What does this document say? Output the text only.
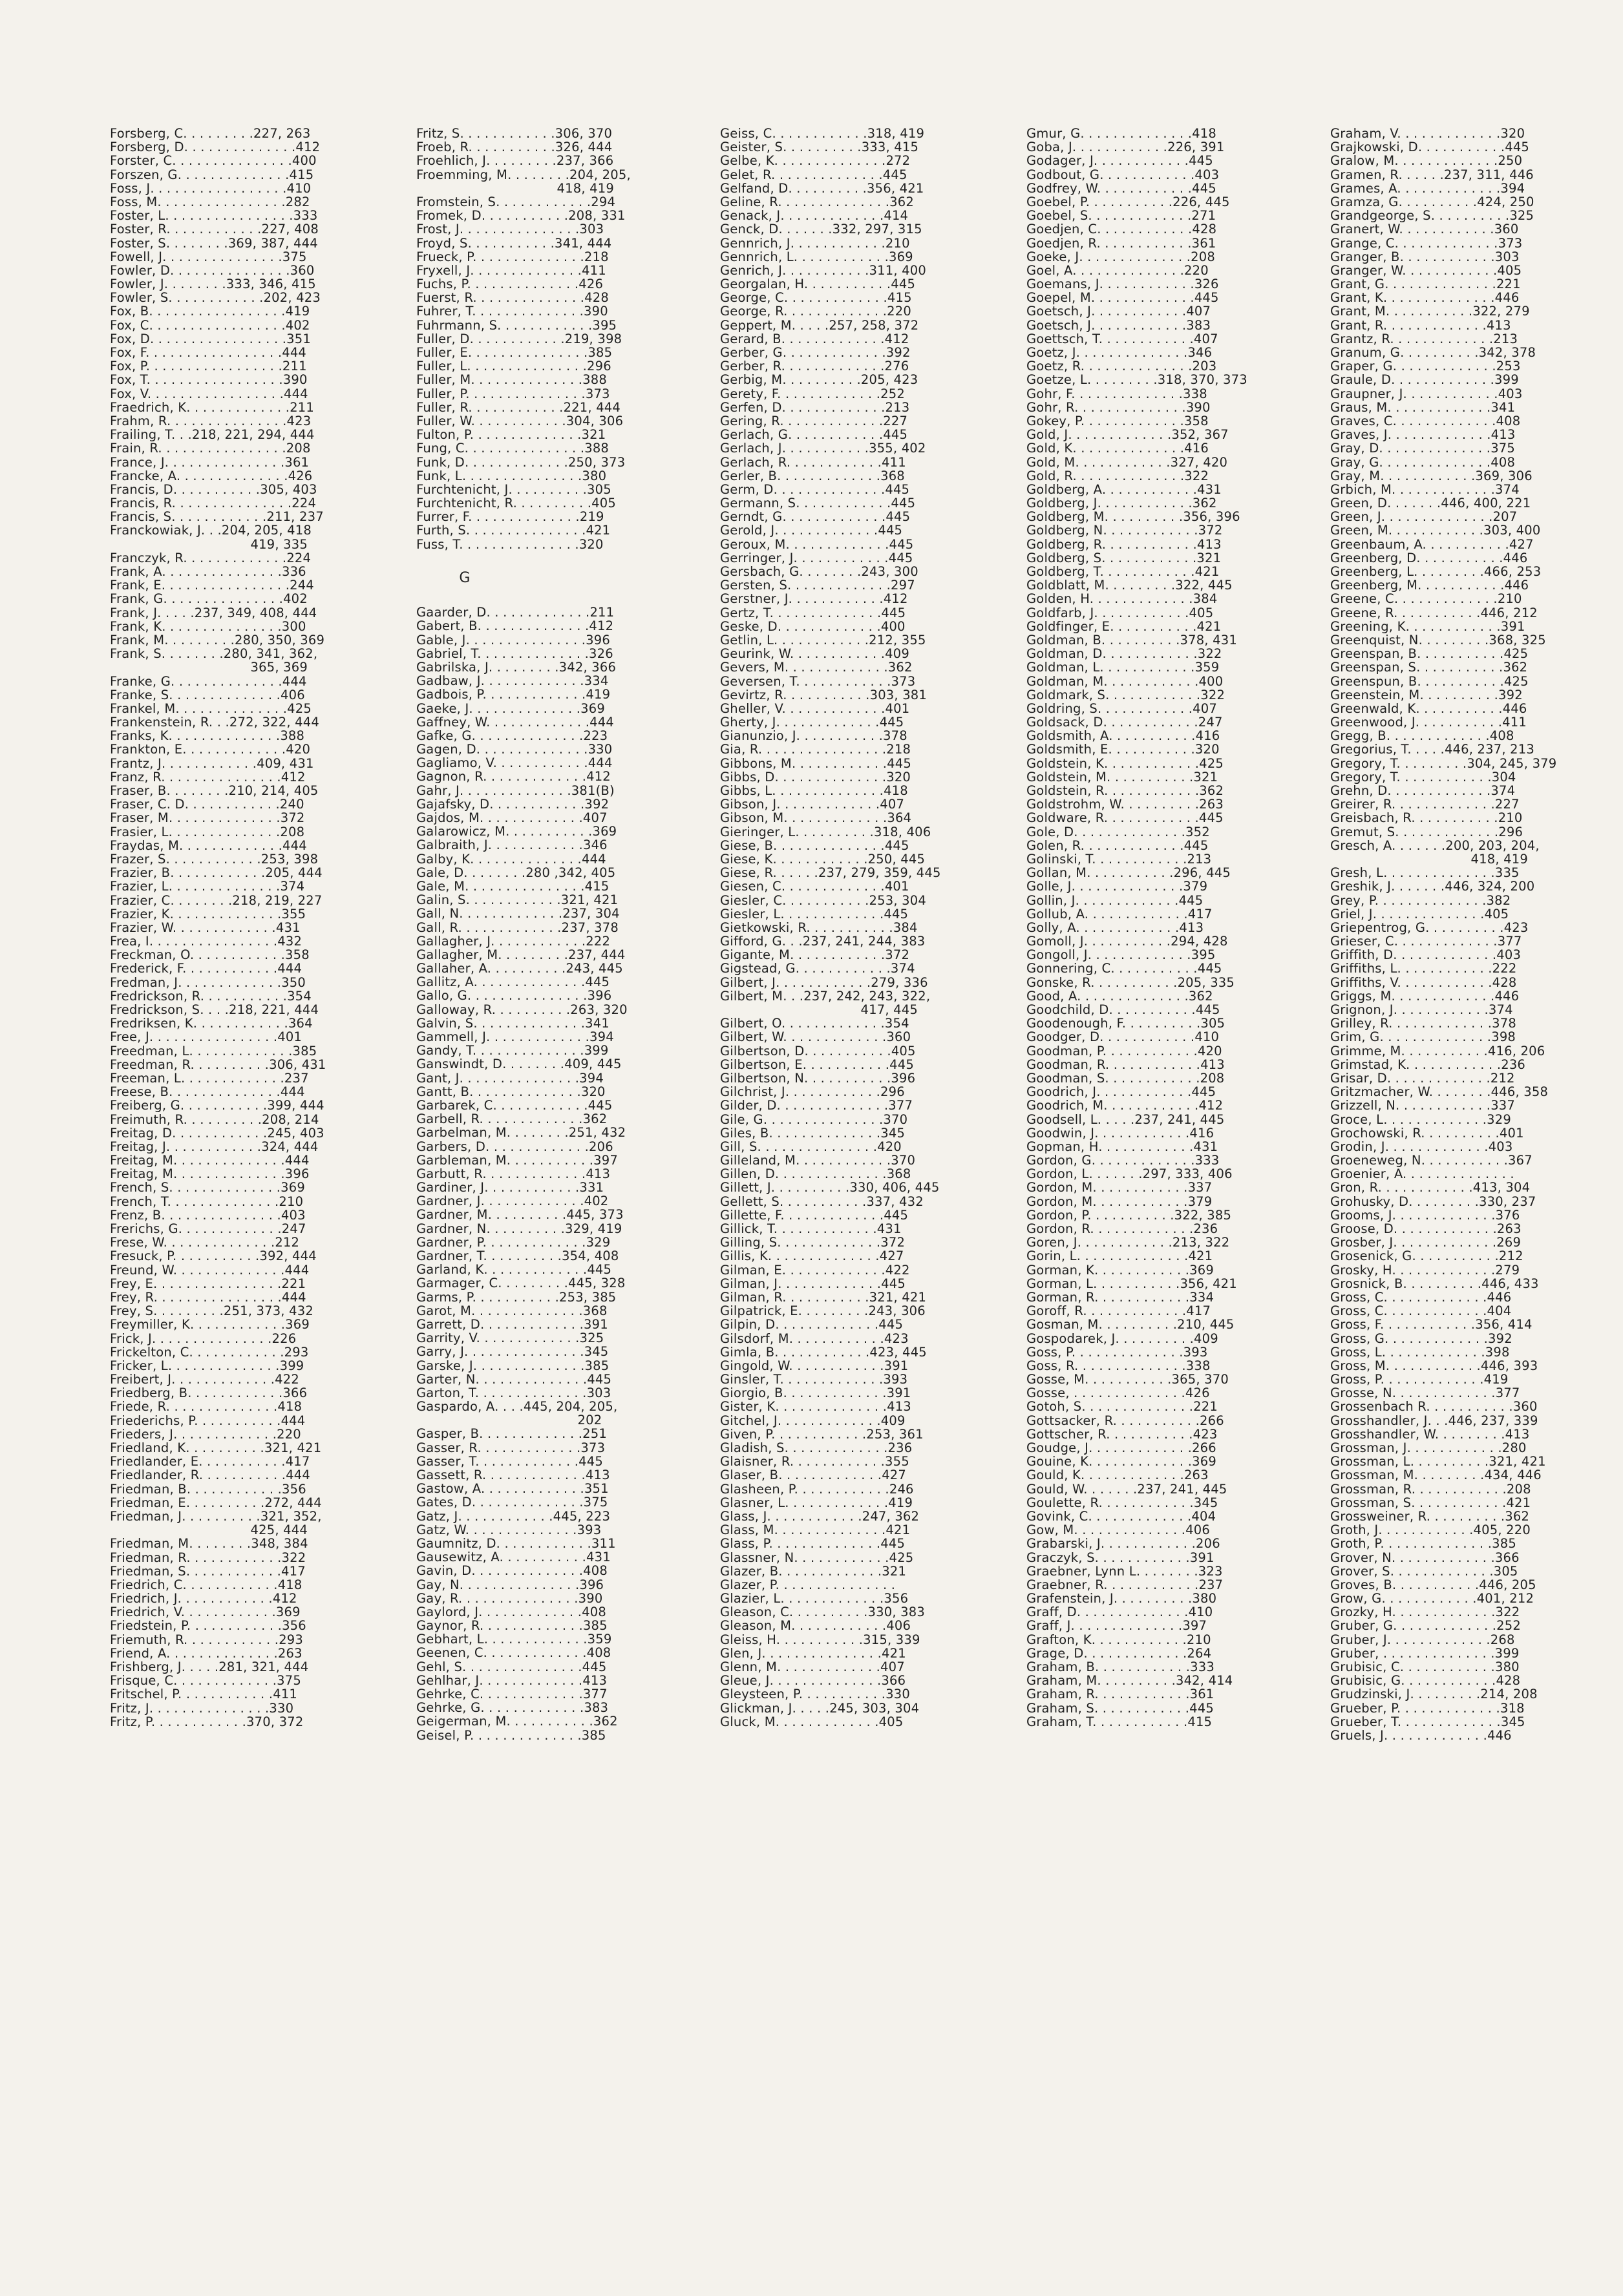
Forsberg, C. . . . . . . . .227, 263
Forsberg, D. . . . . . . . . . . . . .412
Forster, C. . . . . . . . . . . . . . .400
Forszen, G. . . . . . . . . . . . . .415
Foss, J. . . . . . . . . . . . . . . . .410
Foss, M. . . . . . . . . . . . . . . .282
Foster, L. . . . . . . . . . . . . . . .333
Foster, R. . . . . . . . . . . .227, 408
Foster, S. . . . . . . .369, 387, 444
Fowell, J. . . . . . . . . . . . . . .375
Fowler, D. . . . . . . . . . . . . . .360
Fowler, J. . . . . . . .333, 346, 415
Fowler, S. . . . . . . . . . . .202, 423
Fox, B. . . . . . . . . . . . . . . . .419
Fox, C. . . . . . . . . . . . . . . . .402
Fox, D. . . . . . . . . . . . . . . . .351
Fox, F. . . . . . . . . . . . . . . . .444
Fox, P. . . . . . . . . . . . . . . . .211
Fox, T. . . . . . . . . . . . . . . . .390
Fox, V. . . . . . . . . . . . . . . . .444
Fraedrich, K. . . . . . . . . . . . .211
Frahm, R. . . . . . . . . . . . . . .423
Frailing, T. . .218, 221, 294, 444
Frain, R. . . . . . . . . . . . . . . .208
France, J. . . . . . . . . . . . . . .361
Francke, A. . . . . . . . . . . . . .426
Francis, D. . . . . . . . . . .305, 403
Francis, R. . . . . . . . . . . . . . .224
Francis, S. . . . . . . . . . . .211, 237
Franckowiak, J. . .204, 205, 418
419, 335
Franczyk, R. . . . . . . . . . . . .224
Frank, A. . . . . . . . . . . . . . .336
Frank, E. . . . . . . . . . . . . . . .244
Frank, G. . . . . . . . . . . . . . .402
Frank, J. . . . .237, 349, 408, 444
Frank, K. . . . . . . . . . . . . . .300
Frank, M. . . . . . . . .280, 350, 369
Frank, S. . . . . . . .280, 341, 362,
365, 369
Franke, G. . . . . . . . . . . . . .444
Franke, S. . . . . . . . . . . . . .406
Frankel, M. . . . . . . . . . . . . .425
Frankenstein, R. . .272, 322, 444
Franks, K. . . . . . . . . . . . . .388
Frankton, E. . . . . . . . . . . . .420
Frantz, J. . . . . . . . . . . .409, 431
Franz, R. . . . . . . . . . . . . . .412
Fraser, B. . . . . . . .210, 214, 405
Fraser, C. D. . . . . . . . . . . .240
Fraser, M. . . . . . . . . . . . . .372
Frasier, L. . . . . . . . . . . . . .208
Fraydas, M. . . . . . . . . . . . .444
Frazer, S. . . . . . . . . . . .253, 398
Frazier, B. . . . . . . . . . . .205, 444
Frazier, L. . . . . . . . . . . . . .374
Frazier, C. . . . . . . .218, 219, 227
Frazier, K. . . . . . . . . . . . . .355
Frazier, W. . . . . . . . . . . . .431
Frea, I. . . . . . . . . . . . . . . .432
Freckman, O. . . . . . . . . . . .358
Frederick, F. . . . . . . . . . . .444
Fredman, J. . . . . . . . . . . . .350
Fredrickson, R. . . . . . . . . . .354
Fredrickson, S. . . .218, 221, 444
Fredriksen, K. . . . . . . . . . . .364
Free, J. . . . . . . . . . . . . . . .401
Freedman, L. . . . . . . . . . . . .385
Freedman, R. . . . . . . . . .306, 431
Freeman, L. . . . . . . . . . . . .237
Freese, B. . . . . . . . . . . . . .444
Freiberg, G. . . . . . . . . . .399, 444
Freimuth, R. . . . . . . . . .208, 214
Freitag, D. . . . . . . . . . . .245, 403
Freitag, J. . . . . . . . . . . .324, 444
Freitag, M. . . . . . . . . . . . . .444
Freitag, M. . . . . . . . . . . . . .396
French, S. . . . . . . . . . . . . .369
French, T. . . . . . . . . . . . . .210
Frenz, B. . . . . . . . . . . . . . .403
Frerichs, G. . . . . . . . . . . . .247
Frese, W. . . . . . . . . . . . . .212
Fresuck, P. . . . . . . . . . .392, 444
Freund, W. . . . . . . . . . . . . .444
Frey, E. . . . . . . . . . . . . . . .221
Frey, R. . . . . . . . . . . . . . . .444
Frey, S. . . . . . . . .251, 373, 432
Freymiller, K. . . . . . . . . . . .369
Frick, J. . . . . . . . . . . . . . .226
Frickelton, C. . . . . . . . . . . .293
Fricker, L. . . . . . . . . . . . . .399
Freibert, J. . . . . . . . . . . . .422
Friedberg, B. . . . . . . . . . . .366
Friede, R. . . . . . . . . . . . . .418
Friederichs, P. . . . . . . . . . .444
Frieders, J. . . . . . . . . . . . .220
Friedland, K. . . . . . . . . .321, 421
Friedlander, E. . . . . . . . . . .417
Friedlander, R. . . . . . . . . . .444
Friedman, B. . . . . . . . . . . .356
Friedman, E. . . . . . . . . .272, 444
Friedman, J. . . . . . . . . .321, 352,
425, 444
Friedman, M. . . . . . . .348, 384
Friedman, R. . . . . . . . . . . .322
Friedman, S. . . . . . . . . . . .417
Friedrich, C. . . . . . . . . . . .418
Friedrich, J. . . . . . . . . . . .412
Friedrich, V. . . . . . . . . . . .369
Friedstein, P. . . . . . . . . . . .356
Friemuth, R. . . . . . . . . . . .293
Friend, A. . . . . . . . . . . . . .263
Frishberg, J. . . . .281, 321, 444
Frisque, C. . . . . . . . . . . . .375
Fritschel, P. . . . . . . . . . . .411
Fritz, J. . . . . . . . . . . . . . .330
Fritz, P. . . . . . . . . . . .370, 372
Fritz, S. . . . . . . . . . . .306, 370
Froeb, R. . . . . . . . . . .326, 444
Froehlich, J. . . . . . . . .237, 366
Froemming, M. . . . . . . .204, 205,
418, 419
Fromstein, S. . . . . . . . . . . .294
Fromek, D. . . . . . . . . . .208, 331
Frost, J. . . . . . . . . . . . . . .303
Froyd, S. . . . . . . . . . .341, 444
Frueck, P. . . . . . . . . . . . . .218
Fryxell, J. . . . . . . . . . . . . .411
Fuchs, P. . . . . . . . . . . . . .426
Fuerst, R. . . . . . . . . . . . . .428
Fuhrer, T. . . . . . . . . . . . . .390
Fuhrmann, S. . . . . . . . . . . .395
Fuller, D. . . . . . . . . . . .219, 398
Fuller, E. . . . . . . . . . . . . . .385
Fuller, L. . . . . . . . . . . . . . .296
Fuller, M. . . . . . . . . . . . . .388
Fuller, P. . . . . . . . . . . . . . .373
Fuller, R. . . . . . . . . . . .221, 444
Fuller, W. . . . . . . . . . . .304, 306
Fulton, P. . . . . . . . . . . . . .321
Fung, C. . . . . . . . . . . . . . .388
Funk, D. . . . . . . . . . . . .250, 373
Funk, L. . . . . . . . . . . . . . .380
Furchtenicht, J. . . . . . . . . .305
Furchtenicht, R. . . . . . . . . .405
Furrer, F. . . . . . . . . . . . . .219
Furth, S. . . . . . . . . . . . . . .421
Fuss, T. . . . . . . . . . . . . . .320
G
Gaarder, D. . . . . . . . . . . . .211
Gabert, B. . . . . . . . . . . . . .412
Gable, J. . . . . . . . . . . . . . .396
Gabriel, T. . . . . . . . . . . . . .326
Gabrilska, J. . . . . . . . .342, 366
Gadbaw, J. . . . . . . . . . . . .334
Gadbois, P. . . . . . . . . . . . .419
Gaeke, J. . . . . . . . . . . . . .369
Gaffney, W. . . . . . . . . . . . .444
Gafke, G. . . . . . . . . . . . . .223
Gagen, D. . . . . . . . . . . . . .330
Gagliamo, V. . . . . . . . . . . .444
Gagnon, R. . . . . . . . . . . . .412
Gahr, J. . . . . . . . . . . . . .381(B)
Gajafsky, D. . . . . . . . . . . .392
Gajdos, M. . . . . . . . . . . . .407
Galarowicz, M. . . . . . . . . . .369
Galbraith, J. . . . . . . . . . . .346
Galby, K. . . . . . . . . . . . . .444
Gale, D. . . . . . . .280 ,342, 405
Gale, M. . . . . . . . . . . . . . .415
Galin, S. . . . . . . . . . . .321, 421
Gall, N. . . . . . . . . . . . .237, 304
Gall, R. . . . . . . . . . . . .237, 378
Gallagher, J. . . . . . . . . . . .222
Gallagher, M. . . . . . . . .237, 444
Gallaher, A. . . . . . . . . .243, 445
Gallitz, A. . . . . . . . . . . . . .445
Gallo, G. . . . . . . . . . . . . . .396
Galloway, R. . . . . . . . . .263, 320
Galvin, S. . . . . . . . . . . . . .341
Gammell, J. . . . . . . . . . . . .394
Gandy, T. . . . . . . . . . . . . .399
Ganswindt, D. . . . . . . .409, 445
Gant, J. . . . . . . . . . . . . . .394
Gantt, B. . . . . . . . . . . . . .320
Garbarek, C. . . . . . . . . . . .445
Garbell, R. . . . . . . . . . . . .362
Garbelman, M. . . . . . . .251, 432
Garbers, D. . . . . . . . . . . . .206
Garbleman, M. . . . . . . . . . .397
Garbutt, R. . . . . . . . . . . . .413
Gardiner, J. . . . . . . . . . . .331
Gardner, J. . . . . . . . . . . . .402
Gardner, M. . . . . . . . . .445, 373
Gardner, N. . . . . . . . . .329, 419
Gardner, P. . . . . . . . . . . . .329
Gardner, T. . . . . . . . . .354, 408
Garland, K. . . . . . . . . . . . .445
Garmager, C. . . . . . . . .445, 328
Garms, P. . . . . . . . . . .253, 385
Garot, M. . . . . . . . . . . . . .368
Garrett, D. . . . . . . . . . . . .391
Garrity, V. . . . . . . . . . . . .325
Garry, J. . . . . . . . . . . . . . .345
Garske, J. . . . . . . . . . . . . .385
Garter, N. . . . . . . . . . . . . .445
Garton, T. . . . . . . . . . . . . .303
Gaspardo, A. . . .445, 204, 205,
202
Gasper, B. . . . . . . . . . . . .251
Gasser, R. . . . . . . . . . . . .373
Gasser, T. . . . . . . . . . . . .445
Gassett, R. . . . . . . . . . . . .413
Gastow, A. . . . . . . . . . . . .351
Gates, D. . . . . . . . . . . . . .375
Gatz, J. . . . . . . . . . . .445, 223
Gatz, W. . . . . . . . . . . . . .393
Gaumnitz, D. . . . . . . . . . . .311
Gausewitz, A. . . . . . . . . . .431
Gavin, D. . . . . . . . . . . . . .408
Gay, N. . . . . . . . . . . . . . .396
Gay, R. . . . . . . . . . . . . . .390
Gaylord, J. . . . . . . . . . . . .408
Gaynor, R. . . . . . . . . . . . .385
Gebhart, L. . . . . . . . . . . . .359
Geenen, C. . . . . . . . . . . . .408
Gehl, S. . . . . . . . . . . . . . .445
Gehlhar, J. . . . . . . . . . . . .413
Gehrke, C. . . . . . . . . . . . .377
Gehrke, G. . . . . . . . . . . . .383
Geigerman, M. . . . . . . . . . .362
Geisel, P. . . . . . . . . . . . . .385
Geiss, C. . . . . . . . . . . .318, 419
Geister, S. . . . . . . . . .333, 415
Gelbe, K. . . . . . . . . . . . . .272
Gelet, R. . . . . . . . . . . . . .445
Gelfand, D. . . . . . . . . .356, 421
Geline, R. . . . . . . . . . . . . .362
Genack, J. . . . . . . . . . . . .414
Genck, D. . . . . . .332, 297, 315
Gennrich, J. . . . . . . . . . . .210
Gennrich, L. . . . . . . . . . . .369
Genrich, J. . . . . . . . . . .311, 400
Georgalan, H. . . . . . . . . . .445
George, C. . . . . . . . . . . . .415
George, R. . . . . . . . . . . . .220
Geppert, M. . . . .257, 258, 372
Gerard, B. . . . . . . . . . . . .412
Gerber, G. . . . . . . . . . . . .392
Gerber, R. . . . . . . . . . . . .276
Gerbig, M. . . . . . . . . .205, 423
Gerety, F. . . . . . . . . . . . .252
Gerfen, D. . . . . . . . . . . . .213
Gering, R. . . . . . . . . . . . .227
Gerlach, G. . . . . . . . . . . .445
Gerlach, J. . . . . . . . . . .355, 402
Gerlach, R. . . . . . . . . . . .411
Gerler, B. . . . . . . . . . . . .368
Germ, D. . . . . . . . . . . . . .445
Germann, S. . . . . . . . . . . .445
Gerndt, G. . . . . . . . . . . . .445
Gerold, J. . . . . . . . . . . . .445
Geroux, M. . . . . . . . . . . . .445
Gerringer, J. . . . . . . . . . . .445
Gersbach, G. . . . . . . .243, 300
Gersten, S. . . . . . . . . . . . .297
Gerstner, J. . . . . . . . . . . .412
Gertz, T. . . . . . . . . . . . . .445
Geske, D. . . . . . . . . . . . .400
Getlin, L. . . . . . . . . . . .212, 355
Geurink, W. . . . . . . . . . . .409
Gevers, M. . . . . . . . . . . . .362
Geversen, T. . . . . . . . . . . .373
Gevirtz, R. . . . . . . . . . .303, 381
Gheller, V. . . . . . . . . . . . .401
Gherty, J. . . . . . . . . . . . .445
Gianunzio, J. . . . . . . . . . .378
Gia, R. . . . . . . . . . . . . . . .218
Gibbons, M. . . . . . . . . . . .445
Gibbs, D. . . . . . . . . . . . . .320
Gibbs, L. . . . . . . . . . . . . .418
Gibson, J. . . . . . . . . . . . .407
Gibson, M. . . . . . . . . . . . .364
Gieringer, L. . . . . . . . . .318, 406
Giese, B. . . . . . . . . . . . . .445
Giese, K. . . . . . . . . . . .250, 445
Giese, R. . . . . .237, 279, 359, 445
Giesen, C. . . . . . . . . . . . .401
Giesler, C. . . . . . . . . . .253, 304
Giesler, L. . . . . . . . . . . . .445
Gietkowski, R. . . . . . . . . . .384
Gifford, G. . .237, 241, 244, 383
Gigante, M. . . . . . . . . . . .372
Gigstead, G. . . . . . . . . . . .374
Gilbert, J. . . . . . . . . . . .279, 336
Gilbert, M. . .237, 242, 243, 322,
417, 445
Gilbert, O. . . . . . . . . . . . .354
Gilbert, W. . . . . . . . . . . . .360
Gilbertson, D. . . . . . . . . . .405
Gilbertson, E. . . . . . . . . . .445
Gilbertson, N. . . . . . . . . . .396
Gilchrist, J. . . . . . . . . . . .296
Gilder, D. . . . . . . . . . . . . .377
Gile, G. . . . . . . . . . . . . . .370
Giles, B. . . . . . . . . . . . . .345
Gill, S. . . . . . . . . . . . . . .420
Gilleland, M. . . . . . . . . . . .370
Gillen, D. . . . . . . . . . . . . .368
Gillett, J. . . . . . . . . .330, 406, 445
Gellett, S. . . . . . . . . . .337, 432
Gillette, F. . . . . . . . . . . . .445
Gillick, T. . . . . . . . . . . . .431
Gilling, S. . . . . . . . . . . . .372
Gillis, K. . . . . . . . . . . . . .427
Gilman, E. . . . . . . . . . . . .422
Gilman, J. . . . . . . . . . . . .445
Gilman, R. . . . . . . . . . .321, 421
Gilpatrick, E. . . . . . . . .243, 306
Gilpin, D. . . . . . . . . . . . .445
Gilsdorf, M. . . . . . . . . . . .423
Gimla, B. . . . . . . . . . . .423, 445
Gingold, W. . . . . . . . . . . .391
Ginsler, T. . . . . . . . . . . . .393
Giorgio, B. . . . . . . . . . . . .391
Gister, K. . . . . . . . . . . . . .413
Gitchel, J. . . . . . . . . . . . .409
Given, P. . . . . . . . . . . .253, 361
Gladish, S. . . . . . . . . . . . .236
Glaisner, R. . . . . . . . . . . .355
Glaser, B. . . . . . . . . . . . .427
Glasheen, P. . . . . . . . . . . .246
Glasner, L. . . . . . . . . . . . .419
Glass, J. . . . . . . . . . . .247, 362
Glass, M. . . . . . . . . . . . . .421
Glass, P. . . . . . . . . . . . . .445
Glassner, N. . . . . . . . . . . .425
Glazer, B. . . . . . . . . . . . .321
Glazer, P. . . . . . . . . . . . . . .
Glazier, L. . . . . . . . . . . . .356
Gleason, C. . . . . . . . . .330, 383
Gleason, M. . . . . . . . . . . .406
Gleiss, H. . . . . . . . . . .315, 339
Glen, J. . . . . . . . . . . . . . .421
Glenn, M. . . . . . . . . . . . .407
Gleue, J. . . . . . . . . . . . . .366
Gleysteen, P. . . . . . . . . . .330
Glickman, J. . . . .245, 303, 304
Gluck, M. . . . . . . . . . . . .405
Gmur, G. . . . . . . . . . . . . .418
Goba, J. . . . . . . . . . . .226, 391
Godager, J. . . . . . . . . . . .445
Godbout, G. . . . . . . . . . . .403
Godfrey, W. . . . . . . . . . . .445
Goebel, P. . . . . . . . . . .226, 445
Goebel, S. . . . . . . . . . . . .271
Goedjen, C. . . . . . . . . . . .428
Goedjen, R. . . . . . . . . . . .361
Goeke, J. . . . . . . . . . . . . .208
Goel, A. . . . . . . . . . . . . .220
Goemans, J. . . . . . . . . . . .326
Goepel, M. . . . . . . . . . . . .445
Goetsch, J. . . . . . . . . . . .407
Goetsch, J. . . . . . . . . . . .383
Goettsch, T. . . . . . . . . . . .407
Goetz, J. . . . . . . . . . . . . .346
Goetz, R. . . . . . . . . . . . . .203
Goetze, L. . . . . . . . .318, 370, 373
Gohr, F. . . . . . . . . . . . . .338
Gohr, R. . . . . . . . . . . . . .390
Gokey, P. . . . . . . . . . . . .358
Gold, J. . . . . . . . . . . . .352, 367
Gold, K. . . . . . . . . . . . . .416
Gold, M. . . . . . . . . . . .327, 420
Gold, R. . . . . . . . . . . . . .322
Goldberg, A. . . . . . . . . . . .431
Goldberg, J. . . . . . . . . . . .362
Goldberg, M. . . . . . . . . .356, 396
Goldberg, N. . . . . . . . . . . .372
Goldberg, R. . . . . . . . . . . .413
Goldberg, S. . . . . . . . . . . .321
Goldberg, T. . . . . . . . . . . .421
Goldblatt, M. . . . . . . . .322, 445
Golden, H. . . . . . . . . . . . .384
Goldfarb, J. . . . . . . . . . . .405
Goldfinger, E. . . . . . . . . . .421
Goldman, B. . . . . . . . . .378, 431
Goldman, D. . . . . . . . . . . .322
Goldman, L. . . . . . . . . . . .359
Goldman, M. . . . . . . . . . . .400
Goldmark, S. . . . . . . . . . . .322
Goldring, S. . . . . . . . . . . .407
Goldsack, D. . . . . . . . . . . .247
Goldsmith, A. . . . . . . . . . .416
Goldsmith, E. . . . . . . . . . .320
Goldstein, K. . . . . . . . . . . .425
Goldstein, M. . . . . . . . . . .321
Goldstein, R. . . . . . . . . . . .362
Goldstrohm, W. . . . . . . . . .263
Goldware, R. . . . . . . . . . . .445
Gole, D. . . . . . . . . . . . . .352
Golen, R. . . . . . . . . . . . .445
Golinski, T. . . . . . . . . . . .213
Gollan, M. . . . . . . . . . .296, 445
Golle, J. . . . . . . . . . . . . .379
Gollin, J. . . . . . . . . . . . .445
Gollub, A. . . . . . . . . . . . .417
Golly, A. . . . . . . . . . . . .413
Gomoll, J. . . . . . . . . . .294, 428
Gongoll, J. . . . . . . . . . . . .395
Gonnering, C. . . . . . . . . . .445
Gonske, R. . . . . . . . . . .205, 335
Good, A. . . . . . . . . . . . . .362
Goodchild, D. . . . . . . . . . .445
Goodenough, F. . . . . . . . . .305
Goodger, D. . . . . . . . . . . .410
Goodman, P. . . . . . . . . . . .420
Goodman, R. . . . . . . . . . . .413
Goodman, S. . . . . . . . . . . .208
Goodrich, J. . . . . . . . . . . .445
Goodrich, M. . . . . . . . . . . .412
Goodsell, L. . . . .237, 241, 445
Goodwin, J. . . . . . . . . . . .416
Gopman, H. . . . . . . . . . . .431
Gordon, G. . . . . . . . . . . . .333
Gordon, L. . . . . . .297, 333, 406
Gordon, M. . . . . . . . . . . .337
Gordon, M. . . . . . . . . . . .379
Gordon, P. . . . . . . . . . .322, 385
Gordon, R. . . . . . . . . . . . .236
Goren, J. . . . . . . . . . . .213, 322
Gorin, L. . . . . . . . . . . . . .421
Gorman, K. . . . . . . . . . . .369
Gorman, L. . . . . . . . . . .356, 421
Gorman, R. . . . . . . . . . . .334
Goroff, R. . . . . . . . . . . . .417
Gosman, M. . . . . . . . . .210, 445
Gospodarek, J. . . . . . . . . .409
Goss, P. . . . . . . . . . . . . .393
Goss, R. . . . . . . . . . . . . .338
Gosse, M. . . . . . . . . . .365, 370
Gosse, . . . . . . . . . . . . . .426
Gotoh, S. . . . . . . . . . . . . .221
Gottsacker, R. . . . . . . . . . .266
Gottscher, R. . . . . . . . . . .423
Goudge, J. . . . . . . . . . . . .266
Gouine, K. . . . . . . . . . . . .369
Gould, K. . . . . . . . . . . . .263
Gould, W. . . . . . .237, 241, 445
Goulette, R. . . . . . . . . . . .345
Govink, C. . . . . . . . . . . . .404
Gow, M. . . . . . . . . . . . . .406
Grabarski, J. . . . . . . . . . . .206
Graczyk, S. . . . . . . . . . . .391
Graebner, Lynn L. . . . . . . .323
Graebner, R. . . . . . . . . . . .237
Grafenstein, J. . . . . . . . . .380
Graff, D. . . . . . . . . . . . . .410
Graff, J. . . . . . . . . . . . . .397
Grafton, K. . . . . . . . . . . .210
Grage, D. . . . . . . . . . . . .264
Graham, B. . . . . . . . . . . .333
Graham, M. . . . . . . . . .342, 414
Graham, R. . . . . . . . . . . .361
Graham, S. . . . . . . . . . . .445
Graham, T. . . . . . . . . . . .415
Graham, V. . . . . . . . . . . . .320
Grajkowski, D. . . . . . . . . . .445
Gralow, M. . . . . . . . . . . . .250
Gramen, R. . . . . .237, 311, 446
Grames, A. . . . . . . . . . . . .394
Gramza, G. . . . . . . . . .424, 250
Grandgeorge, S. . . . . . . . . .325
Granert, W. . . . . . . . . . . .360
Grange, C. . . . . . . . . . . . .373
Granger, B. . . . . . . . . . . .303
Granger, W. . . . . . . . . . . .405
Grant, G. . . . . . . . . . . . . .221
Grant, K. . . . . . . . . . . . . .446
Grant, M. . . . . . . . . . .322, 279
Grant, R. . . . . . . . . . . . .413
Grantz, R. . . . . . . . . . . . .213
Granum, G. . . . . . . . . .342, 378
Graper, G. . . . . . . . . . . . .253
Graule, D. . . . . . . . . . . . .399
Graupner, J. . . . . . . . . . . .403
Graus, M. . . . . . . . . . . . .341
Graves, C. . . . . . . . . . . . .408
Graves, J. . . . . . . . . . . . .413
Gray, D. . . . . . . . . . . . . .375
Gray, G. . . . . . . . . . . . . .408
Gray, M. . . . . . . . . . . .369, 306
Grbich, M. . . . . . . . . . . . .374
Green, D. . . . . . .446, 400, 221
Green, J. . . . . . . . . . . . . .207
Green, M. . . . . . . . . . . .303, 400
Greenbaum, A. . . . . . . . . . .427
Greenberg, D. . . . . . . . . . .446
Greenberg, L. . . . . . . . .466, 253
Greenberg, M. . . . . . . . . . .446
Greene, C. . . . . . . . . . . . .210
Greene, R. . . . . . . . . . .446, 212
Greening, K. . . . . . . . . . . .391
Greenquist, N. . . . . . . . .368, 325
Greenspan, B. . . . . . . . . . .425
Greenspan, S. . . . . . . . . . .362
Greenspun, B. . . . . . . . . . .425
Greenstein, M. . . . . . . . . .392
Greenwald, K. . . . . . . . . . .446
Greenwood, J. . . . . . . . . . .411
Gregg, B. . . . . . . . . . . . .408
Gregorius, T. . . . .446, 237, 213
Gregory, T. . . . . . . . .304, 245, 379
Gregory, T. . . . . . . . . . . .304
Grehn, D. . . . . . . . . . . . .374
Greirer, R. . . . . . . . . . . . .227
Greisbach, R. . . . . . . . . . .210
Gremut, S. . . . . . . . . . . . .296
Gresch, A. . . . . . .200, 203, 204,
418, 419
Gresh, L. . . . . . . . . . . . . .335
Greshik, J. . . . . . .446, 324, 200
Grey, P. . . . . . . . . . . . . .382
Griel, J. . . . . . . . . . . . . .405
Griepentrog, G. . . . . . . . . .423
Grieser, C. . . . . . . . . . . . .377
Griffith, D. . . . . . . . . . . . .403
Griffiths, L. . . . . . . . . . . .222
Griffiths, V. . . . . . . . . . . .428
Griggs, M. . . . . . . . . . . . .446
Grignon, J. . . . . . . . . . . .374
Grilley, R. . . . . . . . . . . . .378
Grim, G. . . . . . . . . . . . . .398
Grimme, M. . . . . . . . . . .416, 206
Grimstad, K. . . . . . . . . . . .236
Grisar, D. . . . . . . . . . . . .212
Gritzmacher, W. . . . . . . .446, 358
Grizzell, N. . . . . . . . . . . .337
Groce, L. . . . . . . . . . . . .329
Grochowski, R. . . . . . . . . .401
Grodin, J. . . . . . . . . . . . .403
Groeneweg, N. . . . . . . . . . .367
Groenier, A. . . . . . . . . . . . . .
Gron, R. . . . . . . . . . . .413, 304
Grohusky, D. . . . . . . . .330, 237
Grooms, J. . . . . . . . . . . . .376
Groose, D. . . . . . . . . . . . .263
Grosber, J. . . . . . . . . . . . .269
Grosenick, G. . . . . . . . . . .212
Grosky, H. . . . . . . . . . . . .279
Grosnick, B. . . . . . . . . .446, 433
Gross, C. . . . . . . . . . . . .446
Gross, C. . . . . . . . . . . . .404
Gross, F. . . . . . . . . . . .356, 414
Gross, G. . . . . . . . . . . . .392
Gross, L. . . . . . . . . . . . .398
Gross, M. . . . . . . . . . . .446, 393
Gross, P. . . . . . . . . . . . .419
Grosse, N. . . . . . . . . . . . .377
Grossenbach R. . . . . . . . . . .360
Grosshandler, J. . .446, 237, 339
Grosshandler, W. . . . . . . . .413
Grossman, J. . . . . . . . . . . .280
Grossman, L. . . . . . . . . .321, 421
Grossman, M. . . . . . . . .434, 446
Grossman, R. . . . . . . . . . . .208
Grossman, S. . . . . . . . . . . .421
Grossweiner, R. . . . . . . . . .362
Groth, J. . . . . . . . . . . .405, 220
Groth, P. . . . . . . . . . . . . .385
Grover, N. . . . . . . . . . . . .366
Grover, S. . . . . . . . . . . . .305
Groves, B. . . . . . . . . . .446, 205
Grow, G. . . . . . . . . . . .401, 212
Grozky, H. . . . . . . . . . . . .322
Gruber, G. . . . . . . . . . . . .252
Gruber, J. . . . . . . . . . . . .268
Gruber, . . . . . . . . . . . . . .399
Grubisic, C. . . . . . . . . . . .380
Grubisic, G. . . . . . . . . . . .428
Grudzinski, J. . . . . . . . .214, 208
Grueber, P. . . . . . . . . . . . .318
Grueber, T. . . . . . . . . . . . .345
Gruels, J. . . . . . . . . . . . .446
